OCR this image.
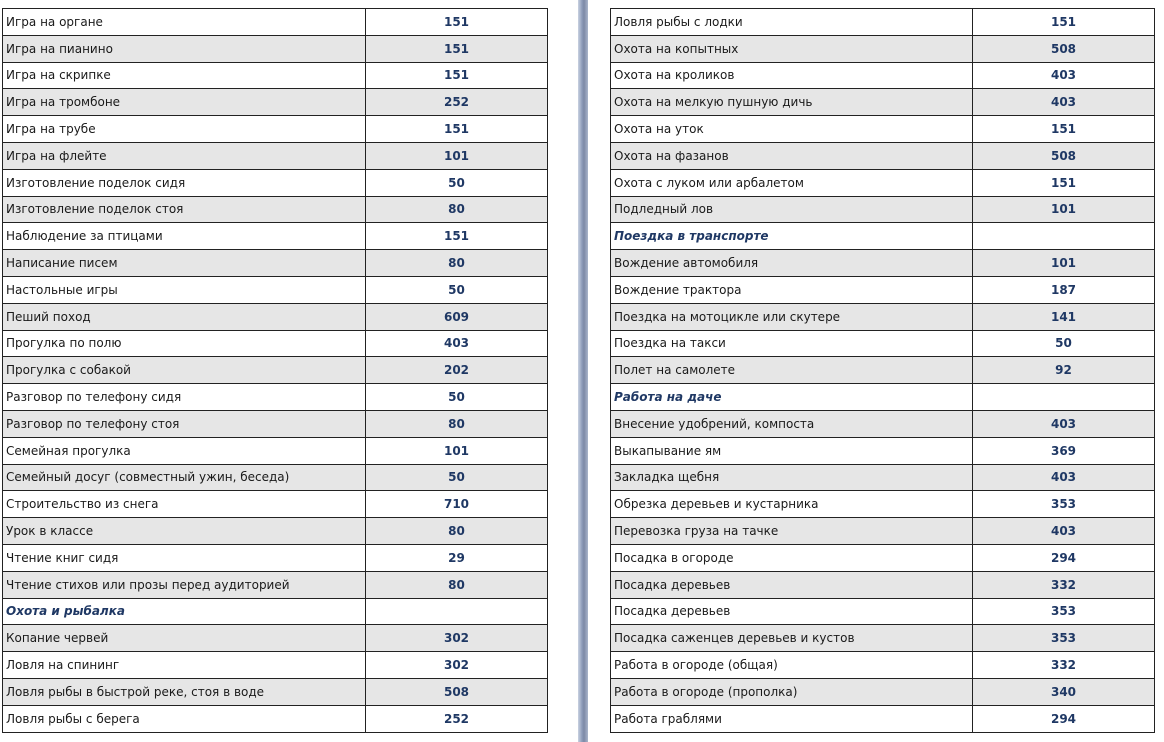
Игра на органе	151
Игра на пианино	151
Игра на скрипке	151
Игра на тромбоне	252
Игра на трубе	151
Игра на флейте	101
Изготовление поделок сидя	50
Изготовление поделок стоя	80
Наблюдение за птицами	151
Написание писем	80
Настольные игры	50
Пеший поход	609
Прогулка по полю	403
Прогулка с собакой	202
Разговор по телефону сидя	50
Разговор по телефону стоя	80
Семейная прогулка	101
Семейный досуг (совместный ужин, беседа)	50
Строительство из снега	710
Урок в классе	80
Чтение книг сидя	29
Чтение стихов или прозы перед аудиторией	80
Охота и рыбалка	
Копание червей	302
Ловля на спининг	302
Ловля рыбы в быстрой реке, стоя в воде	508
Ловля рыбы с берега	252
Ловля рыбы с лодки	151
Охота на копытных	508
Охота на кроликов	403
Охота на мелкую пушную дичь	403
Охота на уток	151
Охота на фазанов	508
Охота с луком или арбалетом	151
Подледный лов	101
Поездка в транспорте	
Вождение автомобиля	101
Вождение трактора	187
Поездка на мотоцикле или скутере	141
Поездка на такси	50
Полет на самолете	92
Работа на даче	
Внесение удобрений, компоста	403
Выкапывание ям	369
Закладка щебня	403
Обрезка деревьев и кустарника	353
Перевозка груза на тачке	403
Посадка в огороде	294
Посадка деревьев	332
Посадка деревьев	353
Посадка саженцев деревьев и кустов	353
Работа в огороде (общая)	332
Работа в огороде (прополка)	340
Работа граблями	294
